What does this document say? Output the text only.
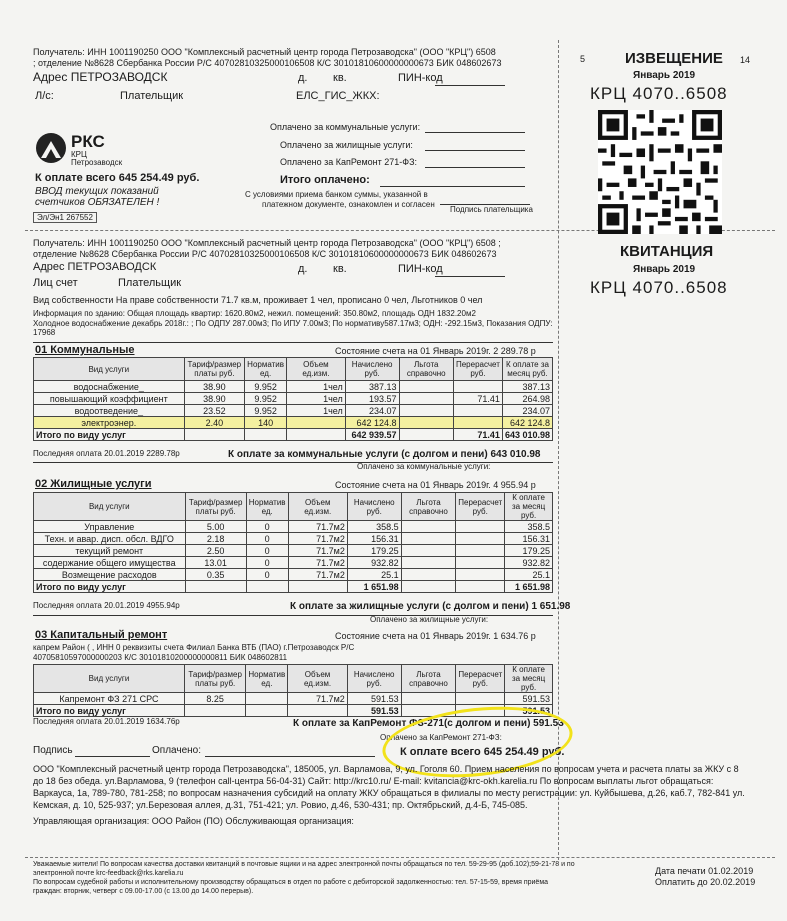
Получатель: ИНН 1001190250 ООО "Комплексный расчетный центр города Петрозаводска" (ООО "КРЦ") 6508
; отделение №8628 Сбербанка России Р/С 40702810325000106508 К/С 30101810600000000673 БИК 048602673
Адрес ПЕТРОЗАВОДСК	д. кв.	ПИН-код
Л/с:	Плательщик	ЕЛС_ГИС_ЖКХ:
РКС
КРЦ
Петрозаводск
Оплачено за коммунальные услуги:
Оплачено за жилищные услуги:
Оплачено за КапРемонт 271-ФЗ:
Итого оплачено:
К оплате всего 645 254.49 руб.
ВВОД текущих показаний
счетчиков ОБЯЗАТЕЛЕН !
Эл/Эн1 267552
С условиями приема банком суммы, указанной в
платежном документе, ознакомлен и согласен
Подпись плательщика
5	ИЗВЕЩЕНИЕ 14
Январь 2019
КРЦ 4070..6508
Получатель: ИНН 1001190250 ООО "Комплексный расчетный центр города Петрозаводска" (ООО "КРЦ") 6508 ;
отделение №8628 Сбербанка России Р/С 40702810325000106508 К/С 30101810600000000673 БИК 048602673
Адрес ПЕТРОЗАВОДСК	д. кв.	ПИН-код
Лиц счет	Плательщик
Вид собственности На праве собственности 71.7 кв.м, проживает 1 чел, прописано 0 чел, Льготников 0 чел
Информация по зданию: Общая площадь квартир: 1620.80м2, нежил. помещений: 350.80м2, площадь ОДН 1832.20м2
Холодное водоснабжение декабрь 2018г.: ; По ОДПУ 287.00м3; По ИПУ 7.00м3; По нормативу587.17м3; ОДН: -292.15м3, Показания ОДПУ:
17968
КВИТАНЦИЯ
Январь 2019
КРЦ 4070..6508
01 Коммунальные	Состояние счета на 01 Январь 2019г. 2 289.78 р
Вид услуги	Тариф/размер платы руб.	Норматив ед.	Объем ед.изм.	Начислено руб.	Льгота справочно	Перерасчет руб.	К оплате за месяц руб.
водоснабжение_	38.90	9.952	1чел	387.13			387.13
повышающий коэффициент	38.90	9.952	1чел	193.57		71.41	264.98
водоотведение_	23.52	9.952	1чел	234.07			234.07
электроэнер.	2.40	140		642 124.8			642 124.8
Итого по виду услуг				642 939.57		71.41	643 010.98
Последняя оплата 20.01.2019 2289.78р	К оплате за коммунальные услуги (с долгом и пени) 643 010.98
Оплачено за коммунальные услуги:
02 Жилищные услуги	Состояние счета на 01 Январь 2019г. 4 955.94 р
Вид услуги	Тариф/размер платы руб.	Норматив ед.	Объем ед.изм.	Начислено руб.	Льгота справочно	Перерасчет руб.	К оплате за месяц руб.
Управление	5.00	0	71.7м2	358.5			358.5
Техн. и авар. дисп. обсл. ВДГО	2.18	0	71.7м2	156.31			156.31
текущий ремонт	2.50	0	71.7м2	179.25			179.25
содержание общего имущества	13.01	0	71.7м2	932.82			932.82
Возмещение расходов	0.35	0	71.7м2	25.1			25.1
Итого по виду услуг				1 651.98			1 651.98
Последняя оплата 20.01.2019 4955.94р	К оплате за жилищные услуги (с долгом и пени) 1 651.98
Оплачено за жилищные услуги:
03 Капитальный ремонт	Состояние счета на 01 Январь 2019г. 1 634.76 р
капрем Район ( , ИНН 0 реквизиты счета Филиал Банка ВТБ (ПАО) г.Петрозаводск Р/С
40705810597000000203 К/С 30101810200000000811 БИК 048602811
Вид услуги	Тариф/размер платы руб.	Норматив ед.	Объем ед.изм.	Начислено руб.	Льгота справочно	Перерасчет руб.	К оплате за месяц руб.
Капремонт ФЗ 271 СРС	8.25		71.7м2	591.53			591.53
Итого по виду услуг				591.53			591.53
Последняя оплата 20.01.2019 1634.76р	К оплате за КапРемонт ФЗ-271(с долгом и пени) 591.53
Оплачено за КапРемонт 271-ФЗ:
Подпись	Оплачено:	К оплате всего 645 254.49 руб.
ООО "Комплексный расчетный центр города Петрозаводска", 185005, ул. Варламова, 9, ул. Гоголя 60. Прием населения по вопросам учета и расчета платы за ЖКУ с 8
до 18 без обеда. ул.Варламова, 9 (телефон call-центра 56-04-31) Сайт: http://krc10.ru/ E-mail: kvitancia@krc-okh.karelia.ru По вопросам выплаты льгот обращаться:
Варкауса, 1а, 789-780, 781-258; по вопросам назначения субсидий на оплату ЖКУ обращаться в филиалы по месту регистрации: ул. Куйбышева, д.26, каб.7, 782-841 ул.
Кемская, д. 10, 525-937; ул.Березовая аллея, д.31, 751-421; ул. Ровио, д.46, 530-431; пр. Октябрьский, д.4-Б, 745-085.
Управляющая организация: ООО Район (ПО) Обслуживающая организация:
Уважаемые жители! По вопросам качества доставки квитанций в почтовые ящики и на адрес электронной почты обращаться по тел. 59-29-95 (доб.102);59-21-78 и по
электронной почте krc-feedback@rks.karelia.ru
По вопросам судебной работы и исполнительному производству обращаться в отдел по работе с дебиторской задолженностью: тел. 57-15-59, время приёма
граждан: вторник, четверг с 09.00-17.00 (с 13.00 до 14.00 перерыв).
Дата печати 01.02.2019
Оплатить до 20.02.2019
